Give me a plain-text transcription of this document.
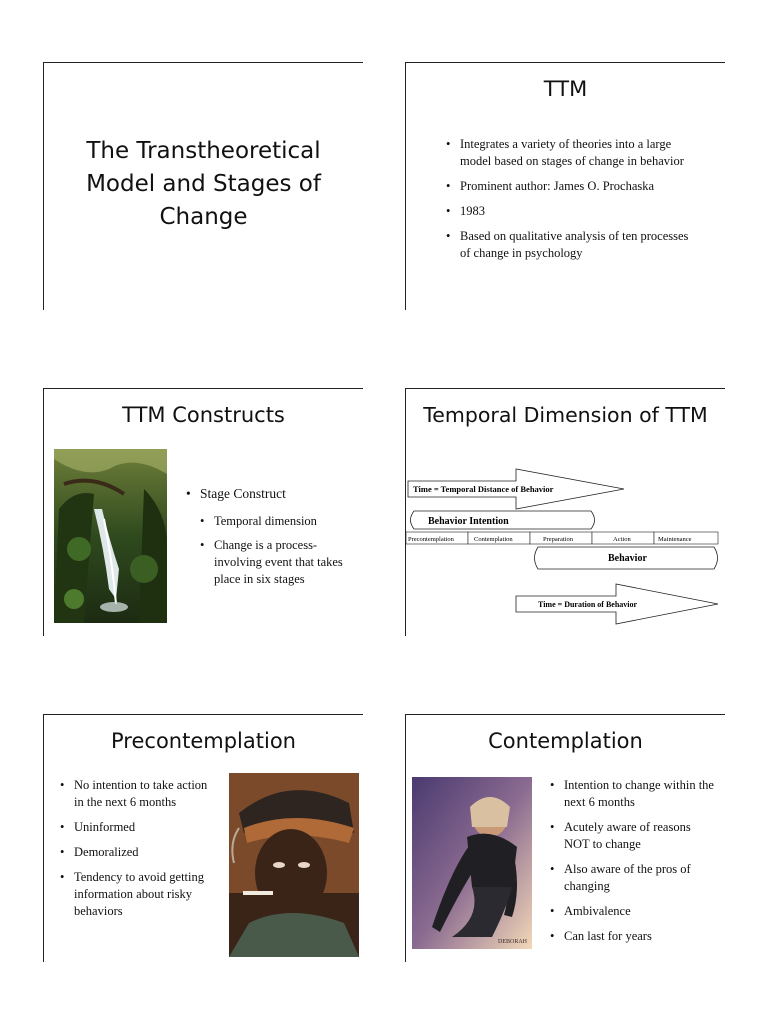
The Transtheoretical Model and Stages of Change
TTM
• Integrates a variety of theories into a large model based on stages of change in behavior
• Prominent author: James O. Prochaska
• 1983
• Based on qualitative analysis of ten processes of change in psychology
TTM Constructs
• Stage Construct
• Temporal dimension
• Change is a process-involving event that takes place in six stages
Temporal Dimension of TTM
Time = Temporal Distance of Behavior
Behavior Intention
Precontemplation	Contemplation	Preparation	Action	Maintenance
Behavior
Time = Duration of Behavior
Precontemplation
• No intention to take action in the next 6 months
• Uninformed
• Demoralized
• Tendency to avoid getting information about risky behaviors
Contemplation
DEBORAH
• Intention to change within the next 6 months
• Acutely aware of reasons NOT to change
• Also aware of the pros of changing
• Ambivalence
• Can last for years
